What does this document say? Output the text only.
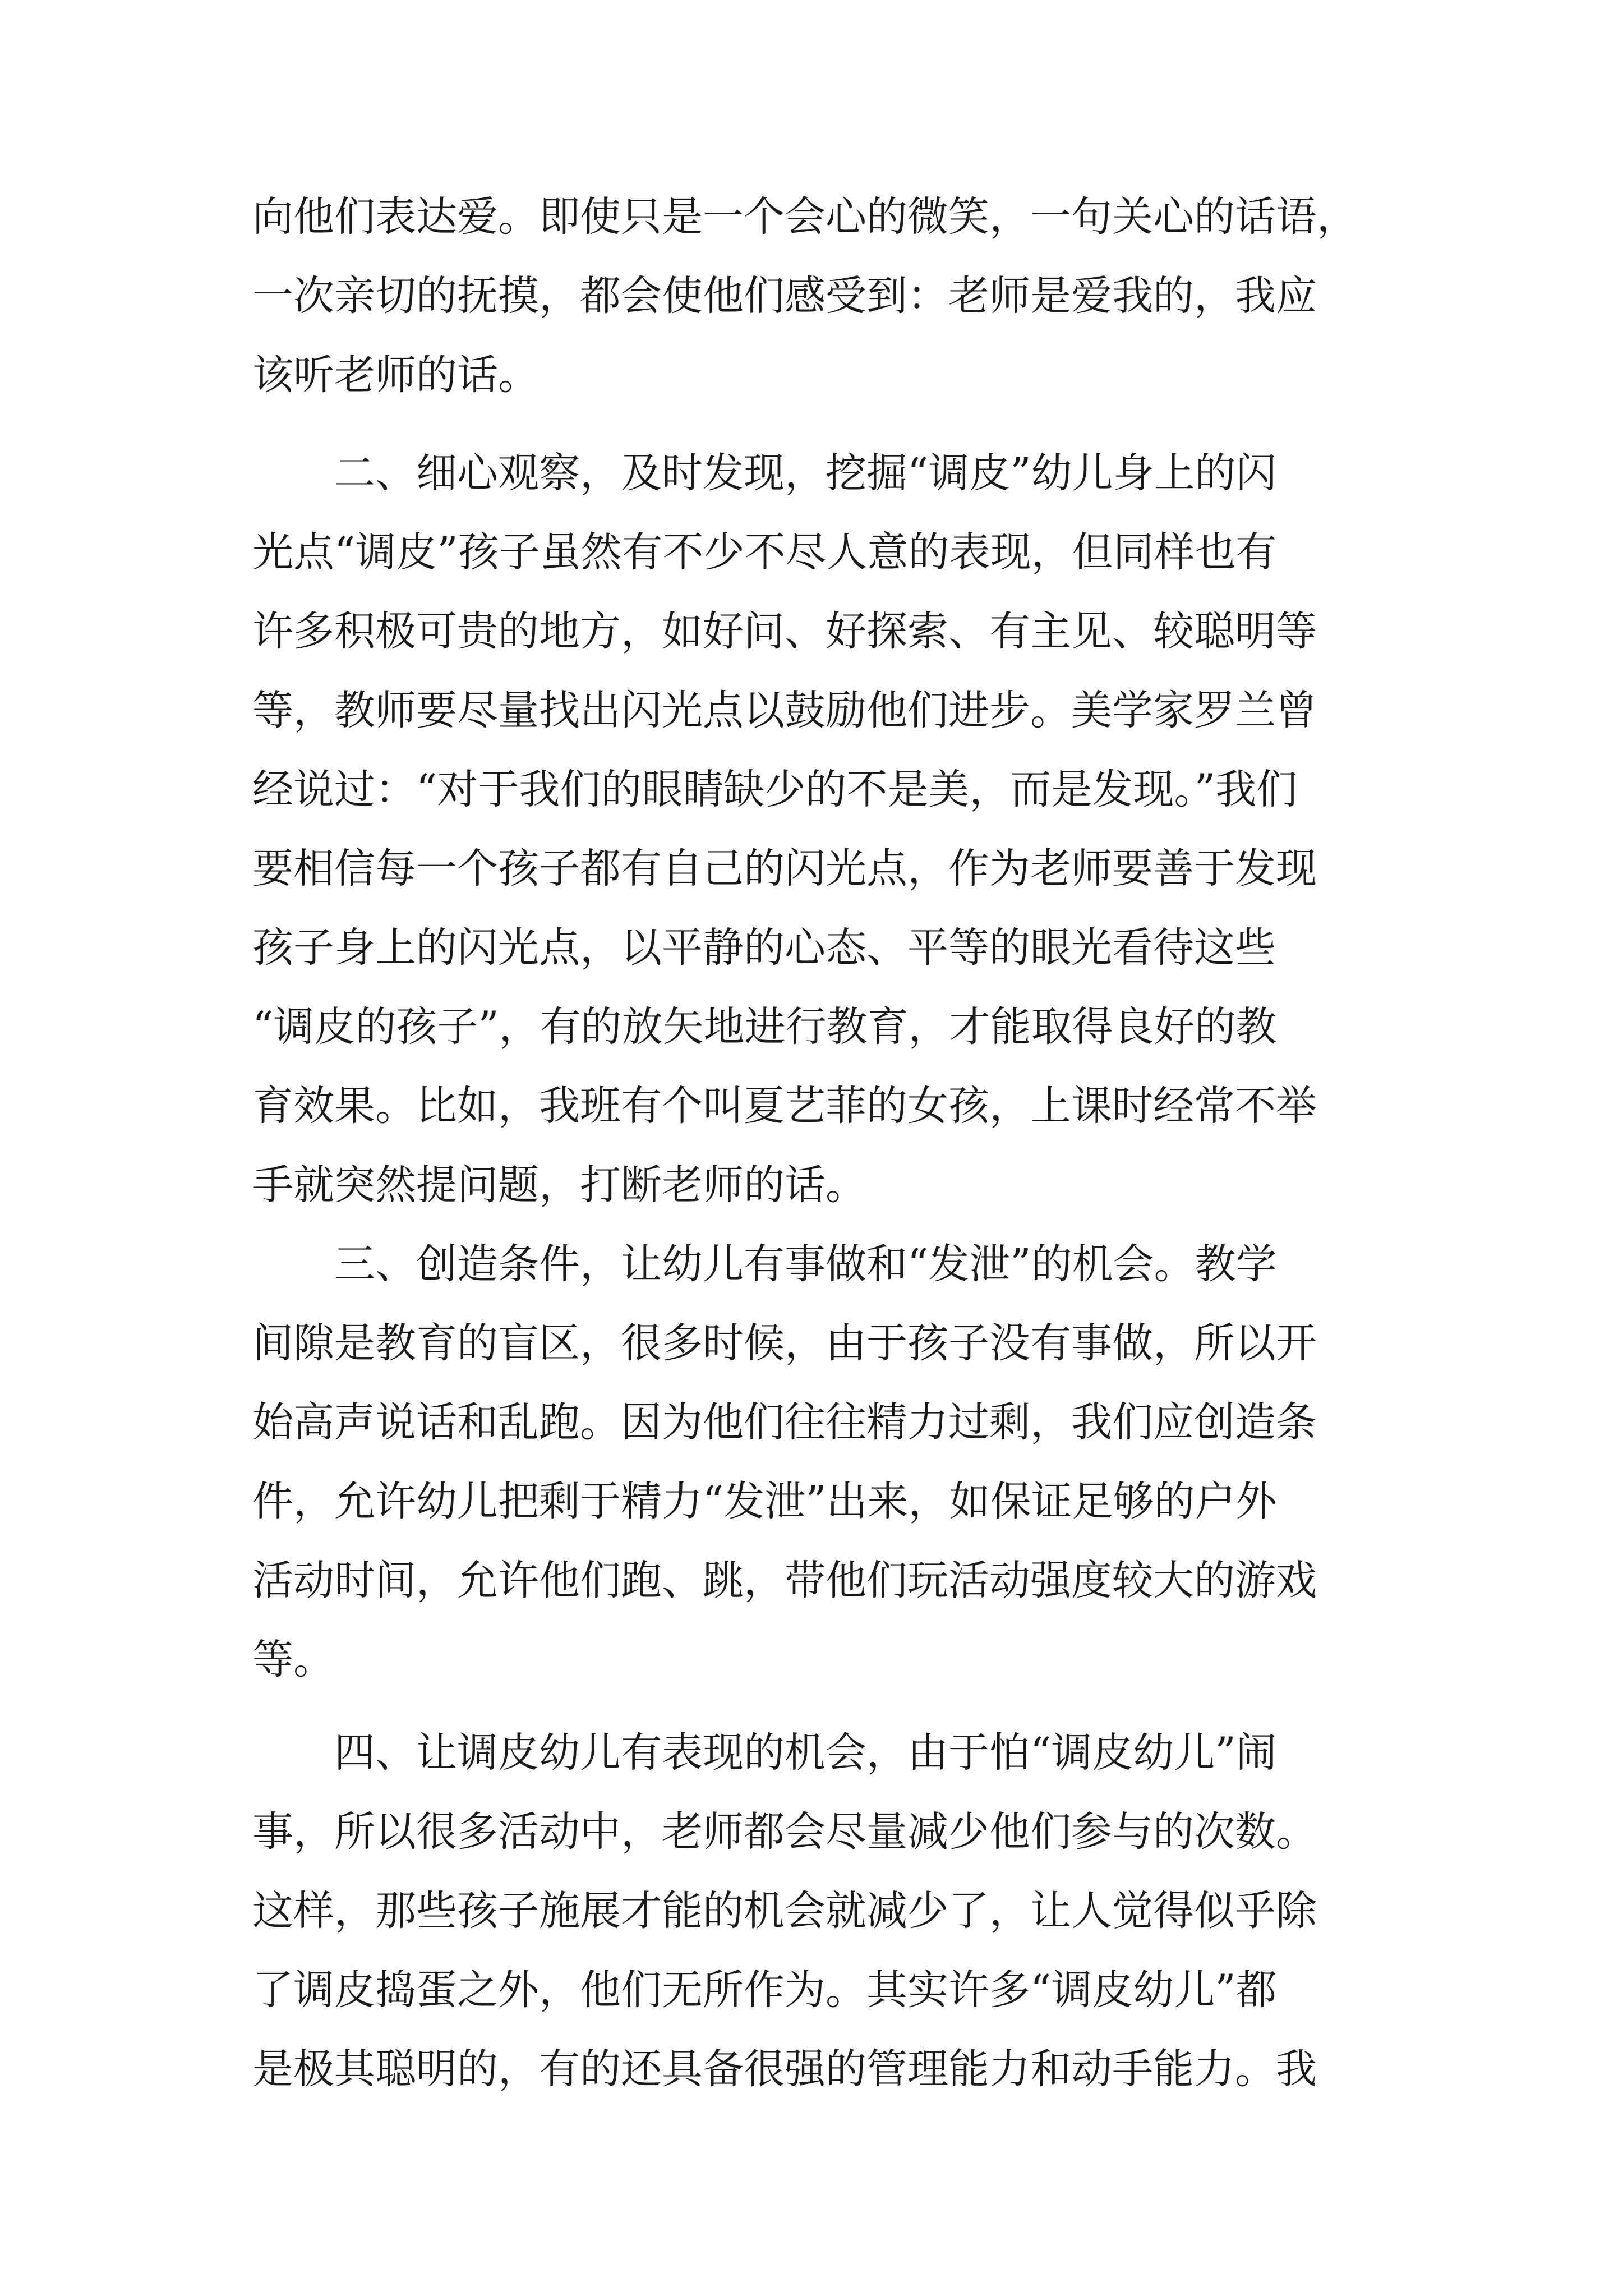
向他们表达爱。即使只是一个会心的微笑，一句关心的话语，
一次亲切的抚摸，都会使他们感受到：老师是爱我的，我应
该听老师的话。
　　二、细心观察，及时发现，挖掘“调皮”幼儿身上的闪
光点“调皮”孩子虽然有不少不尽人意的表现，但同样也有
许多积极可贵的地方，如好问、好探索、有主见、较聪明等
等，教师要尽量找出闪光点以鼓励他们进步。美学家罗兰曾
经说过：“对于我们的眼睛缺少的不是美，而是发现。”我们
要相信每一个孩子都有自己的闪光点，作为老师要善于发现
孩子身上的闪光点，以平静的心态、平等的眼光看待这些
“调皮的孩子”，有的放矢地进行教育，才能取得良好的教
育效果。比如，我班有个叫夏艺菲的女孩，上课时经常不举
手就突然提问题，打断老师的话。
　　三、创造条件，让幼儿有事做和“发泄”的机会。教学
间隙是教育的盲区，很多时候，由于孩子没有事做，所以开
始高声说话和乱跑。因为他们往往精力过剩，我们应创造条
件，允许幼儿把剩于精力“发泄”出来，如保证足够的户外
活动时间，允许他们跑、跳，带他们玩活动强度较大的游戏
等。
　　四、让调皮幼儿有表现的机会，由于怕“调皮幼儿”闹
事，所以很多活动中，老师都会尽量减少他们参与的次数。
这样，那些孩子施展才能的机会就减少了，让人觉得似乎除
了调皮捣蛋之外，他们无所作为。其实许多“调皮幼儿”都
是极其聪明的，有的还具备很强的管理能力和动手能力。我
